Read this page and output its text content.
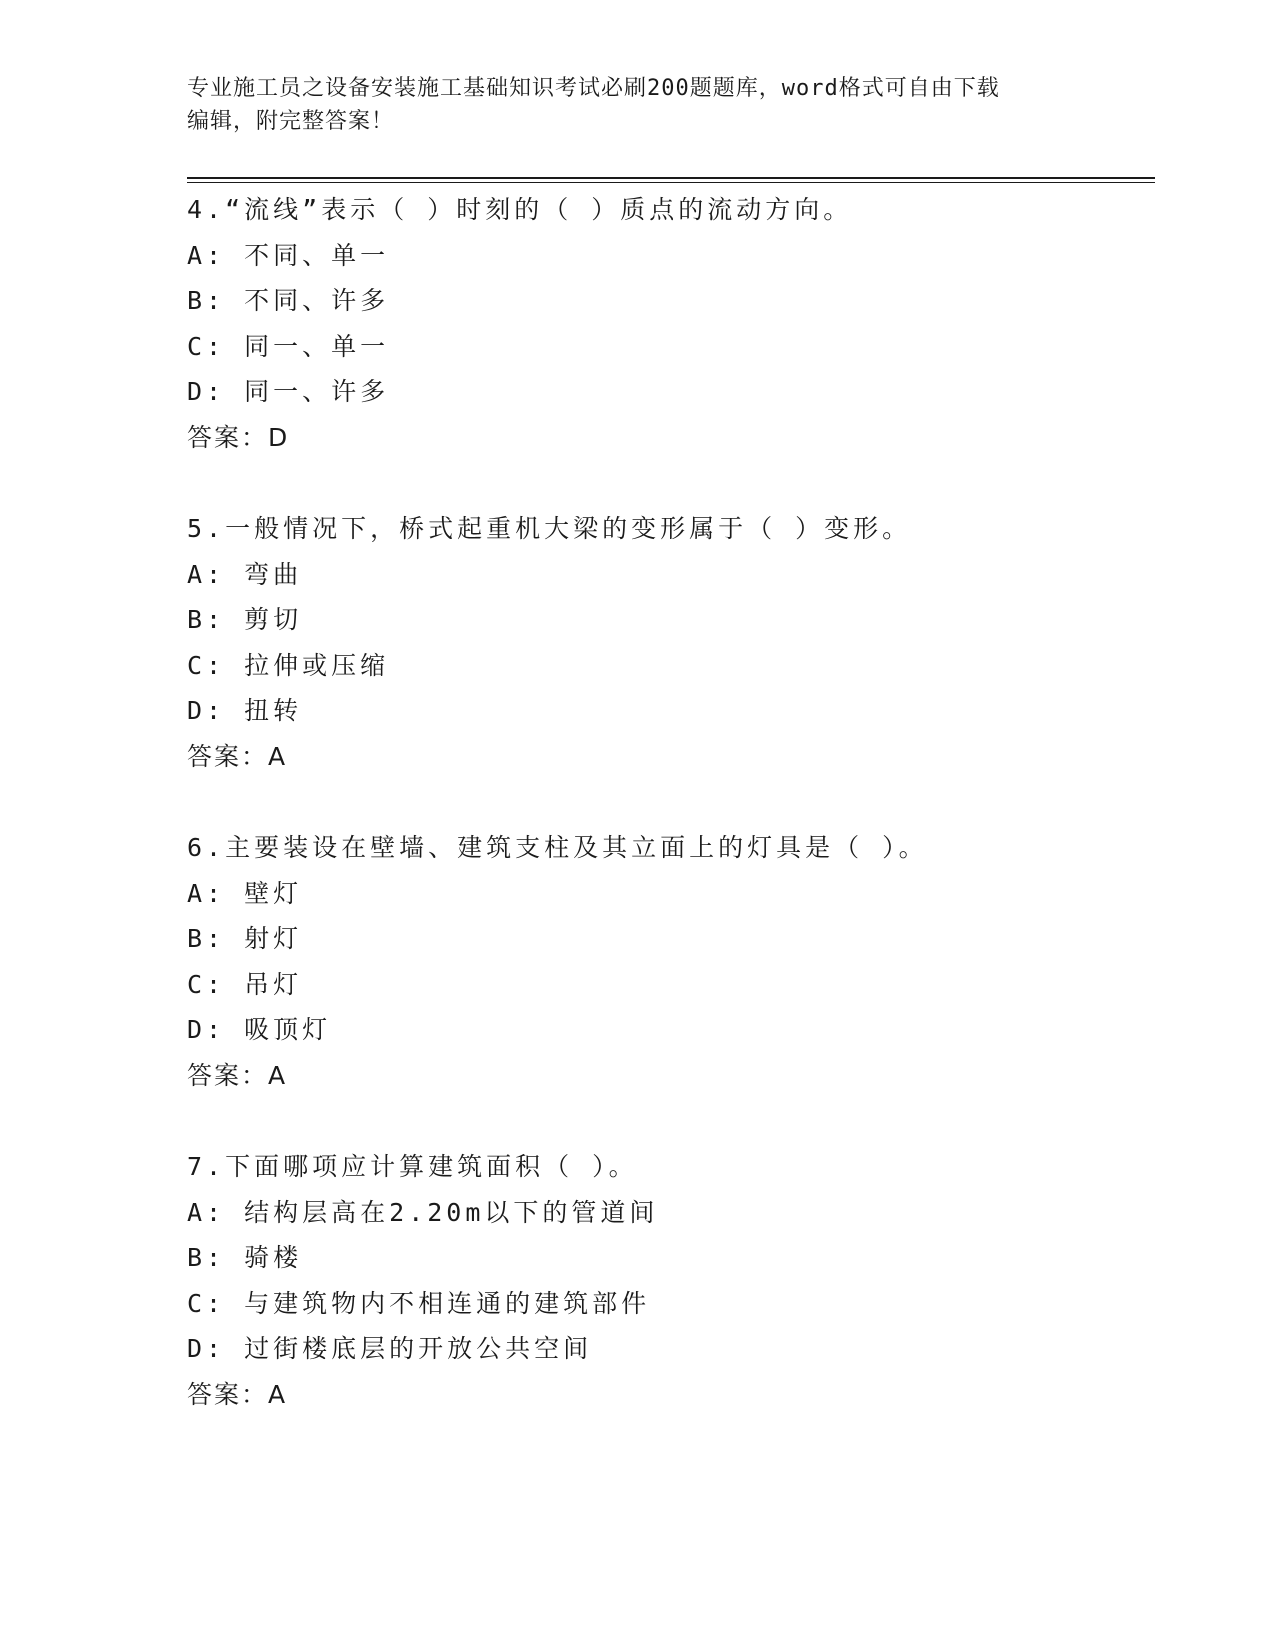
专业施工员之设备安装施工基础知识考试必刷200题题库，word格式可自由下载
编辑，附完整答案！
4.“流线”表示（ ）时刻的（ ）质点的流动方向。
A: 不同、单一
B: 不同、许多
C: 同一、单一
D: 同一、许多
答案：D
5.一般情况下，桥式起重机大梁的变形属于（ ）变形。
A: 弯曲
B: 剪切
C: 拉伸或压缩
D: 扭转
答案：A
6.主要装设在壁墙、建筑支柱及其立面上的灯具是（ ）。
A: 壁灯
B: 射灯
C: 吊灯
D: 吸顶灯
答案：A
7.下面哪项应计算建筑面积（ ）。
A: 结构层高在2.20m以下的管道间
B: 骑楼
C: 与建筑物内不相连通的建筑部件
D: 过街楼底层的开放公共空间
答案：A
